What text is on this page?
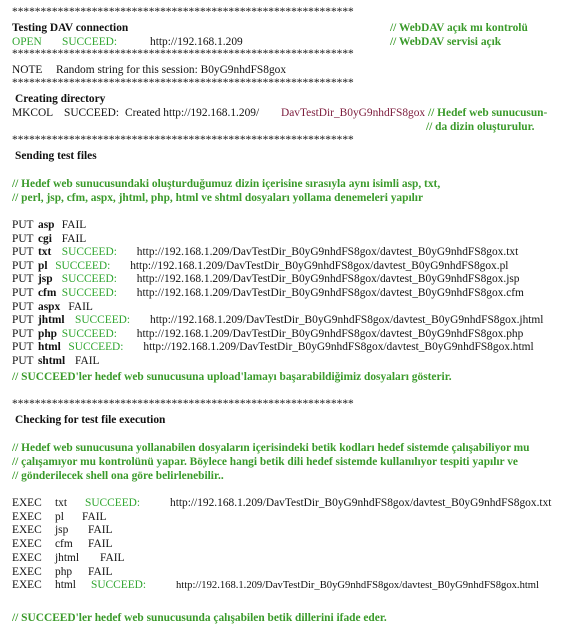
************************************************************
Testing DAV connection	// WebDAV açık mı kontrolü
OPEN SUCCEED:	http://192.168.1.209	// WebDAV servisi açık
************************************************************
NOTE Random string for this session: B0yG9nhdFS8gox
************************************************************
Creating directory
MKCOL SUCCEED: Created http://192.168.1.209/ DavTestDir_B0yG9nhdFS8gox // Hedef web sunucusun-
// da dizin oluşturulur.
************************************************************
Sending test files
// Hedef web sunucusundaki oluşturduğumuz dizin içerisine sırasıyla aynı isimli asp, txt,
// perl, jsp, cfm, aspx, jhtml, php, html ve shtml dosyaları yollama denemeleri yapılır
PUT asp FAIL
PUT cgi FAIL
PUT txt SUCCEED: http://192.168.1.209/DavTestDir_B0yG9nhdFS8gox/davtest_B0yG9nhdFS8gox.txt
PUT pl SUCCEED: http://192.168.1.209/DavTestDir_B0yG9nhdFS8gox/davtest_B0yG9nhdFS8gox.pl
PUT jsp SUCCEED: http://192.168.1.209/DavTestDir_B0yG9nhdFS8gox/davtest_B0yG9nhdFS8gox.jsp
PUT cfm SUCCEED: http://192.168.1.209/DavTestDir_B0yG9nhdFS8gox/davtest_B0yG9nhdFS8gox.cfm
PUT aspx FAIL
PUT jhtml SUCCEED: http://192.168.1.209/DavTestDir_B0yG9nhdFS8gox/davtest_B0yG9nhdFS8gox.jhtml
PUT php SUCCEED: http://192.168.1.209/DavTestDir_B0yG9nhdFS8gox/davtest_B0yG9nhdFS8gox.php
PUT html SUCCEED: http://192.168.1.209/DavTestDir_B0yG9nhdFS8gox/davtest_B0yG9nhdFS8gox.html
PUT shtml FAIL
// SUCCEED'ler hedef web sunucusuna upload'lamayı başarabildiğimiz dosyaları gösterir.
************************************************************
Checking for test file execution
// Hedef web sunucusuna yollanabilen dosyaların içerisindeki betik kodları hedef sistemde çalışabiliyor mu
// çalışamıyor mu kontrolünü yapar. Böylece hangi betik dili hedef sistemde kullanılıyor tespiti yapılır ve
// gönderilecek shell ona göre belirlenebilir..
EXEC txt SUCCEED:	http://192.168.1.209/DavTestDir_B0yG9nhdFS8gox/davtest_B0yG9nhdFS8gox.txt
EXEC pl FAIL
EXEC jsp FAIL
EXEC cfm FAIL
EXEC jhtml FAIL
EXEC php FAIL
EXEC html SUCCEED:	http://192.168.1.209/DavTestDir_B0yG9nhdFS8gox/davtest_B0yG9nhdFS8gox.html
// SUCCEED'ler hedef web sunucusunda çalışabilen betik dillerini ifade eder.
